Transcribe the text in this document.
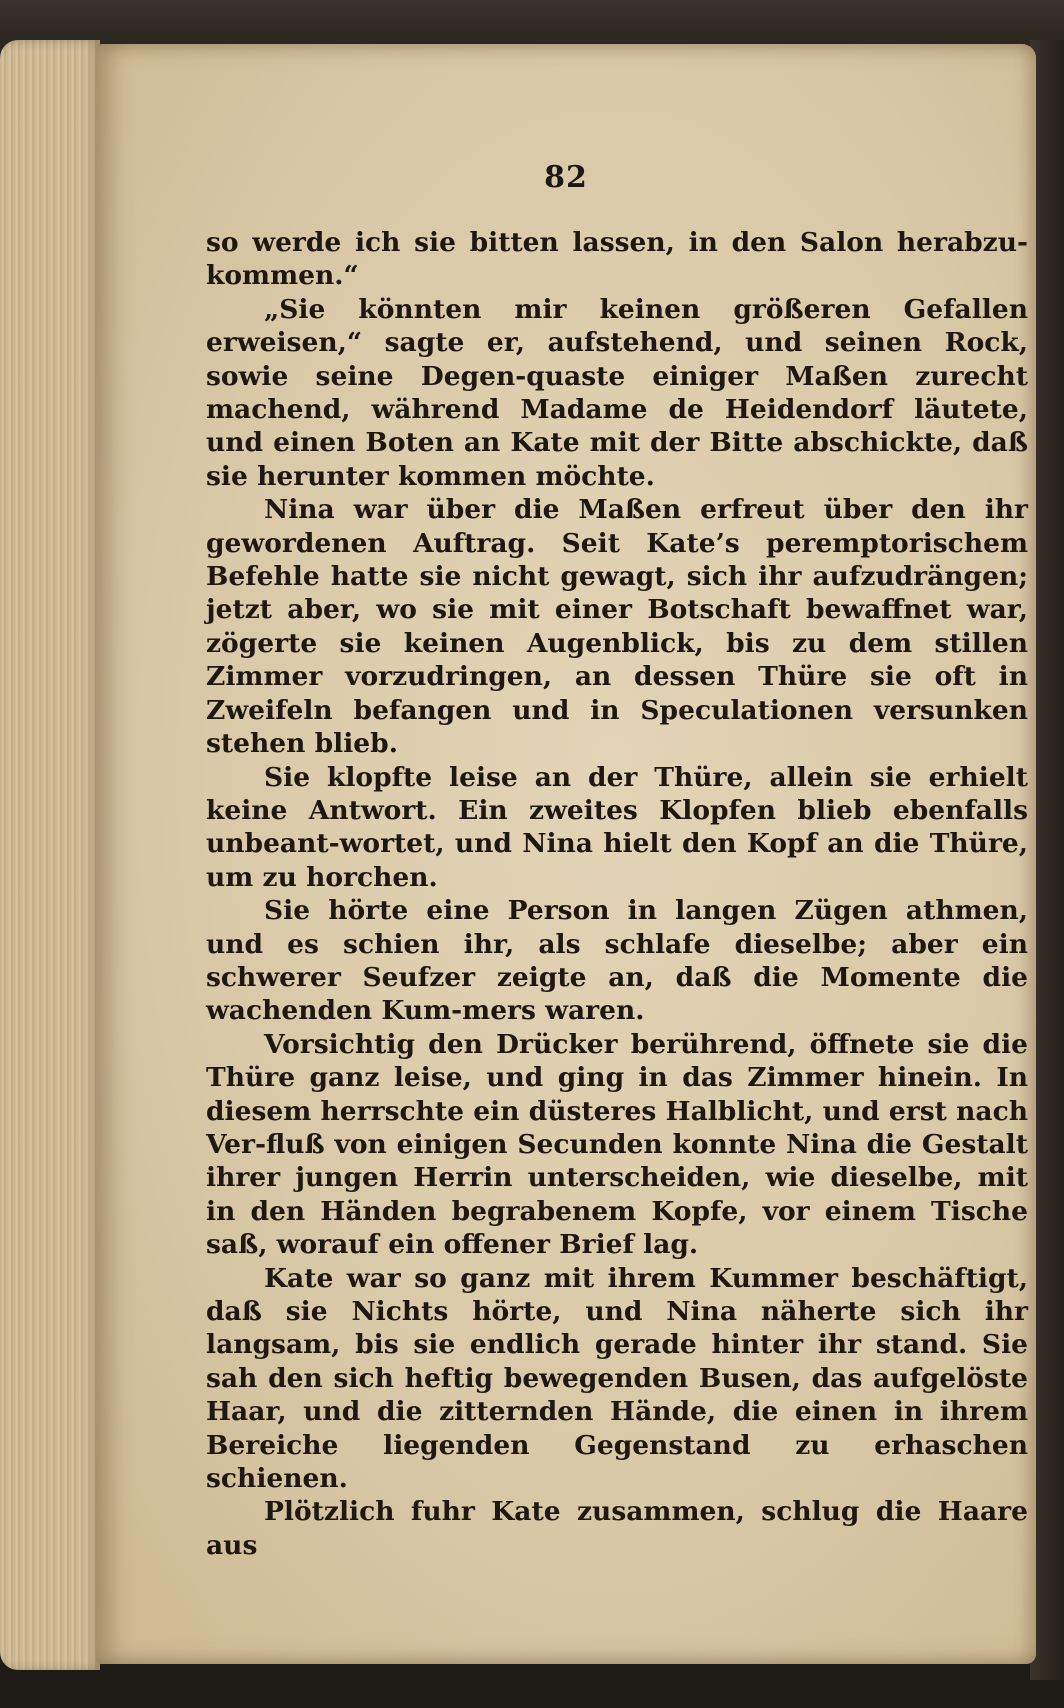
82

so werde ich sie bitten lassen, in den Salon herabzu-kommen.“

„Sie könnten mir keinen größeren Gefallen erweisen,“ sagte er, aufstehend, und seinen Rock, sowie seine Degen-quaste einiger Maßen zurecht machend, während Madame de Heidendorf läutete, und einen Boten an Kate mit der Bitte abschickte, daß sie herunter kommen möchte.

Nina war über die Maßen erfreut über den ihr gewordenen Auftrag. Seit Kate’s peremptorischem Befehle hatte sie nicht gewagt, sich ihr aufzudrängen; jetzt aber, wo sie mit einer Botschaft bewaffnet war, zögerte sie keinen Augenblick, bis zu dem stillen Zimmer vorzudringen, an dessen Thüre sie oft in Zweifeln befangen und in Speculationen versunken stehen blieb.

Sie klopfte leise an der Thüre, allein sie erhielt keine Antwort. Ein zweites Klopfen blieb ebenfalls unbeant-wortet, und Nina hielt den Kopf an die Thüre, um zu horchen.

Sie hörte eine Person in langen Zügen athmen, und es schien ihr, als schlafe dieselbe; aber ein schwerer Seufzer zeigte an, daß die Momente die wachenden Kum-mers waren.

Vorsichtig den Drücker berührend, öffnete sie die Thüre ganz leise, und ging in das Zimmer hinein. In diesem herrschte ein düsteres Halblicht, und erst nach Ver-fluß von einigen Secunden konnte Nina die Gestalt ihrer jungen Herrin unterscheiden, wie dieselbe, mit in den Händen begrabenem Kopfe, vor einem Tische saß, worauf ein offener Brief lag.

Kate war so ganz mit ihrem Kummer beschäftigt, daß sie Nichts hörte, und Nina näherte sich ihr langsam, bis sie endlich gerade hinter ihr stand. Sie sah den sich heftig bewegenden Busen, das aufgelöste Haar, und die zitternden Hände, die einen in ihrem Bereiche liegenden Gegenstand zu erhaschen schienen.

Plötzlich fuhr Kate zusammen, schlug die Haare aus
